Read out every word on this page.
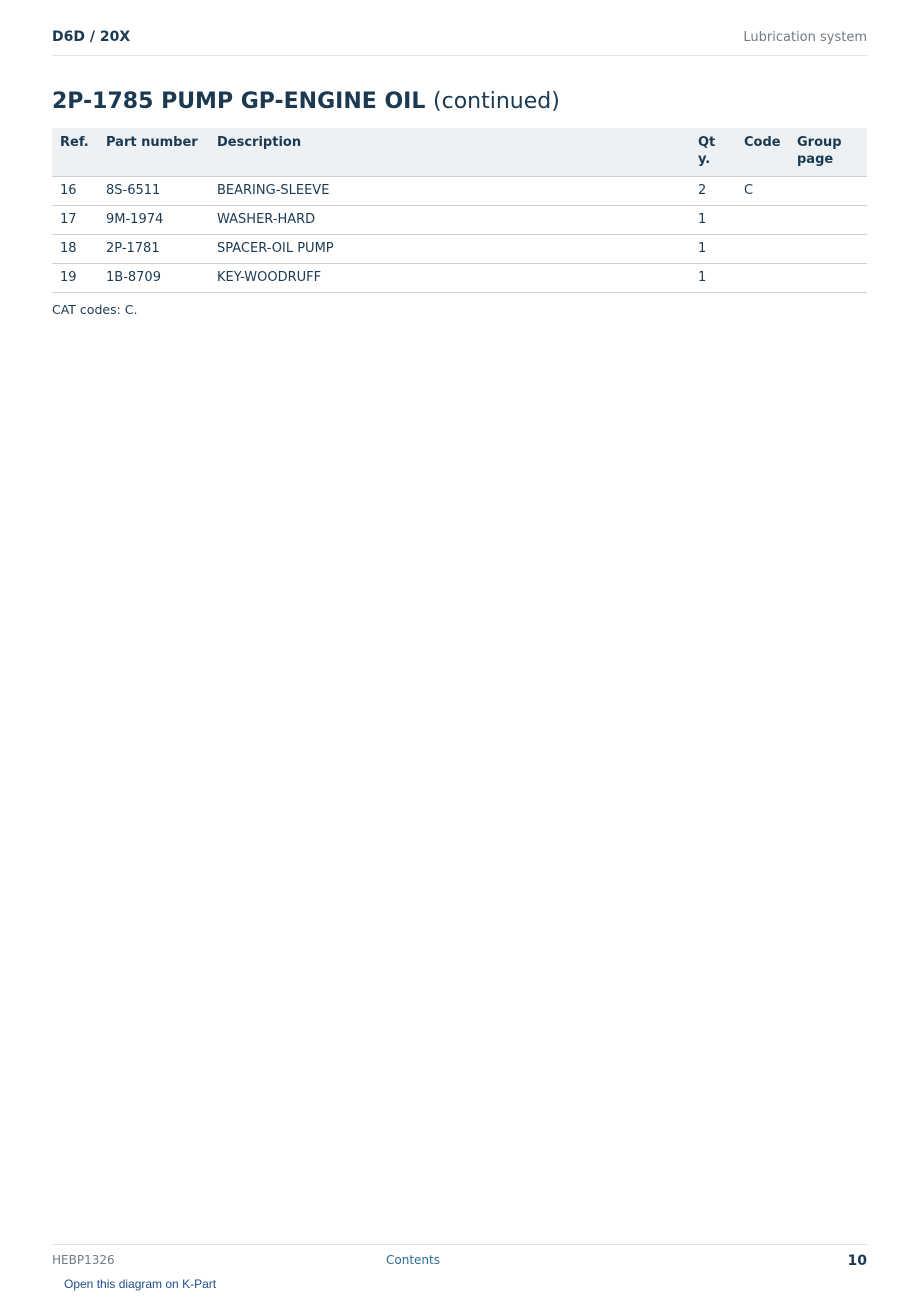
D6D / 20X	Lubrication system
2P-1785 PUMP GP-ENGINE OIL (continued)
Ref.	Part number	Description	Qty.	Code	Group page
16	8S-6511	BEARING-SLEEVE	2	C	
17	9M-1974	WASHER-HARD	1		
18	2P-1781	SPACER-OIL PUMP	1		
19	1B-8709	KEY-WOODRUFF	1		
CAT codes: C.
HEBP1326	Contents	10
Open this diagram on K-Part
